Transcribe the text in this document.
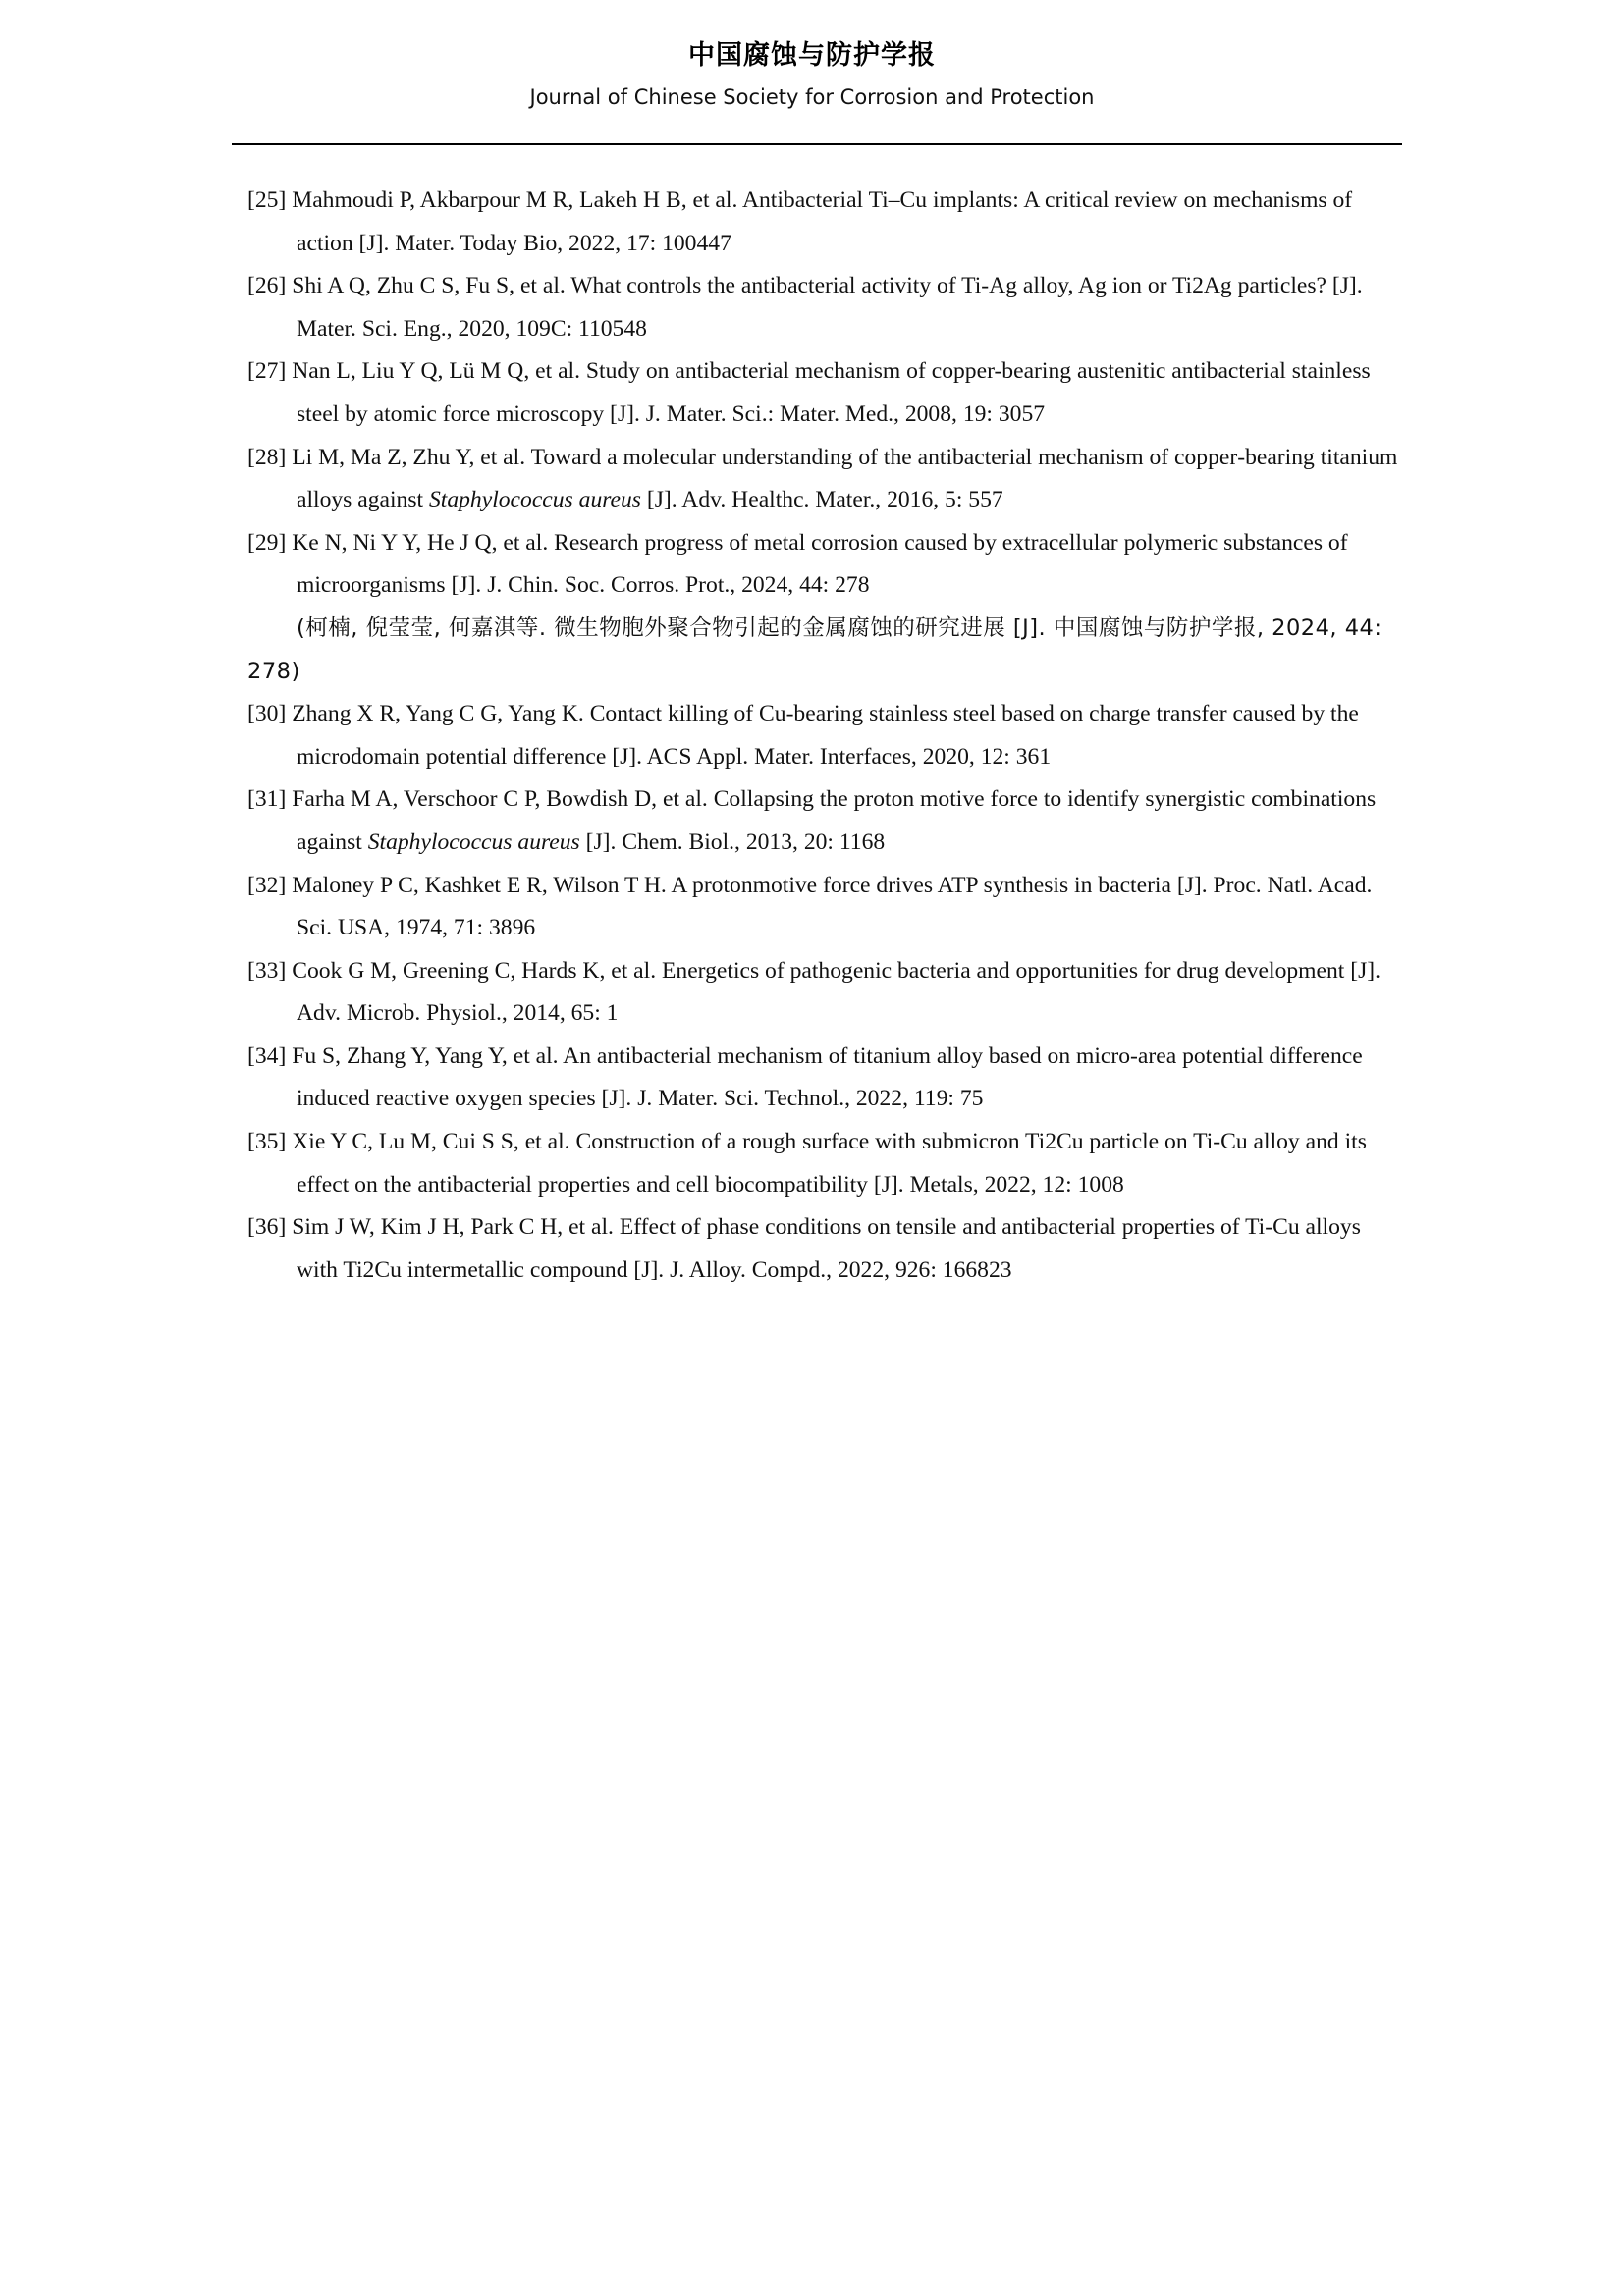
中国腐蚀与防护学报
Journal of Chinese Society for Corrosion and Protection
[25] Mahmoudi P, Akbarpour M R, Lakeh H B, et al. Antibacterial Ti–Cu implants: A critical review on mechanisms of action [J]. Mater. Today Bio, 2022, 17: 100447
[26] Shi A Q, Zhu C S, Fu S, et al. What controls the antibacterial activity of Ti-Ag alloy, Ag ion or Ti2Ag particles? [J]. Mater. Sci. Eng., 2020, 109C: 110548
[27] Nan L, Liu Y Q, Lü M Q, et al. Study on antibacterial mechanism of copper-bearing austenitic antibacterial stainless steel by atomic force microscopy [J]. J. Mater. Sci.: Mater. Med., 2008, 19: 3057
[28] Li M, Ma Z, Zhu Y, et al. Toward a molecular understanding of the antibacterial mechanism of copper‑bearing titanium alloys against Staphylococcus aureus [J]. Adv. Healthc. Mater., 2016, 5: 557
[29] Ke N, Ni Y Y, He J Q, et al. Research progress of metal corrosion caused by extracellular polymeric substances of microorganisms [J]. J. Chin. Soc. Corros. Prot., 2024, 44: 278
(柯楠, 倪莹莹, 何嘉淇等. 微生物胞外聚合物引起的金属腐蚀的研究进展 [J]. 中国腐蚀与防护学报, 2024, 44: 278)
[30] Zhang X R, Yang C G, Yang K. Contact killing of Cu-bearing stainless steel based on charge transfer caused by the microdomain potential difference [J]. ACS Appl. Mater. Interfaces, 2020, 12: 361
[31] Farha M A, Verschoor C P, Bowdish D, et al. Collapsing the proton motive force to identify synergistic combinations against Staphylococcus aureus [J]. Chem. Biol., 2013, 20: 1168
[32] Maloney P C, Kashket E R, Wilson T H. A protonmotive force drives ATP synthesis in bacteria [J]. Proc. Natl. Acad. Sci. USA, 1974, 71: 3896
[33] Cook G M, Greening C, Hards K, et al. Energetics of pathogenic bacteria and opportunities for drug development [J]. Adv. Microb. Physiol., 2014, 65: 1
[34] Fu S, Zhang Y, Yang Y, et al. An antibacterial mechanism of titanium alloy based on micro-area potential difference induced reactive oxygen species [J]. J. Mater. Sci. Technol., 2022, 119: 75
[35] Xie Y C, Lu M, Cui S S, et al. Construction of a rough surface with submicron Ti2Cu particle on Ti-Cu alloy and its effect on the antibacterial properties and cell biocompatibility [J]. Metals, 2022, 12: 1008
[36] Sim J W, Kim J H, Park C H, et al. Effect of phase conditions on tensile and antibacterial properties of Ti-Cu alloys with Ti2Cu intermetallic compound [J]. J. Alloy. Compd., 2022, 926: 166823
